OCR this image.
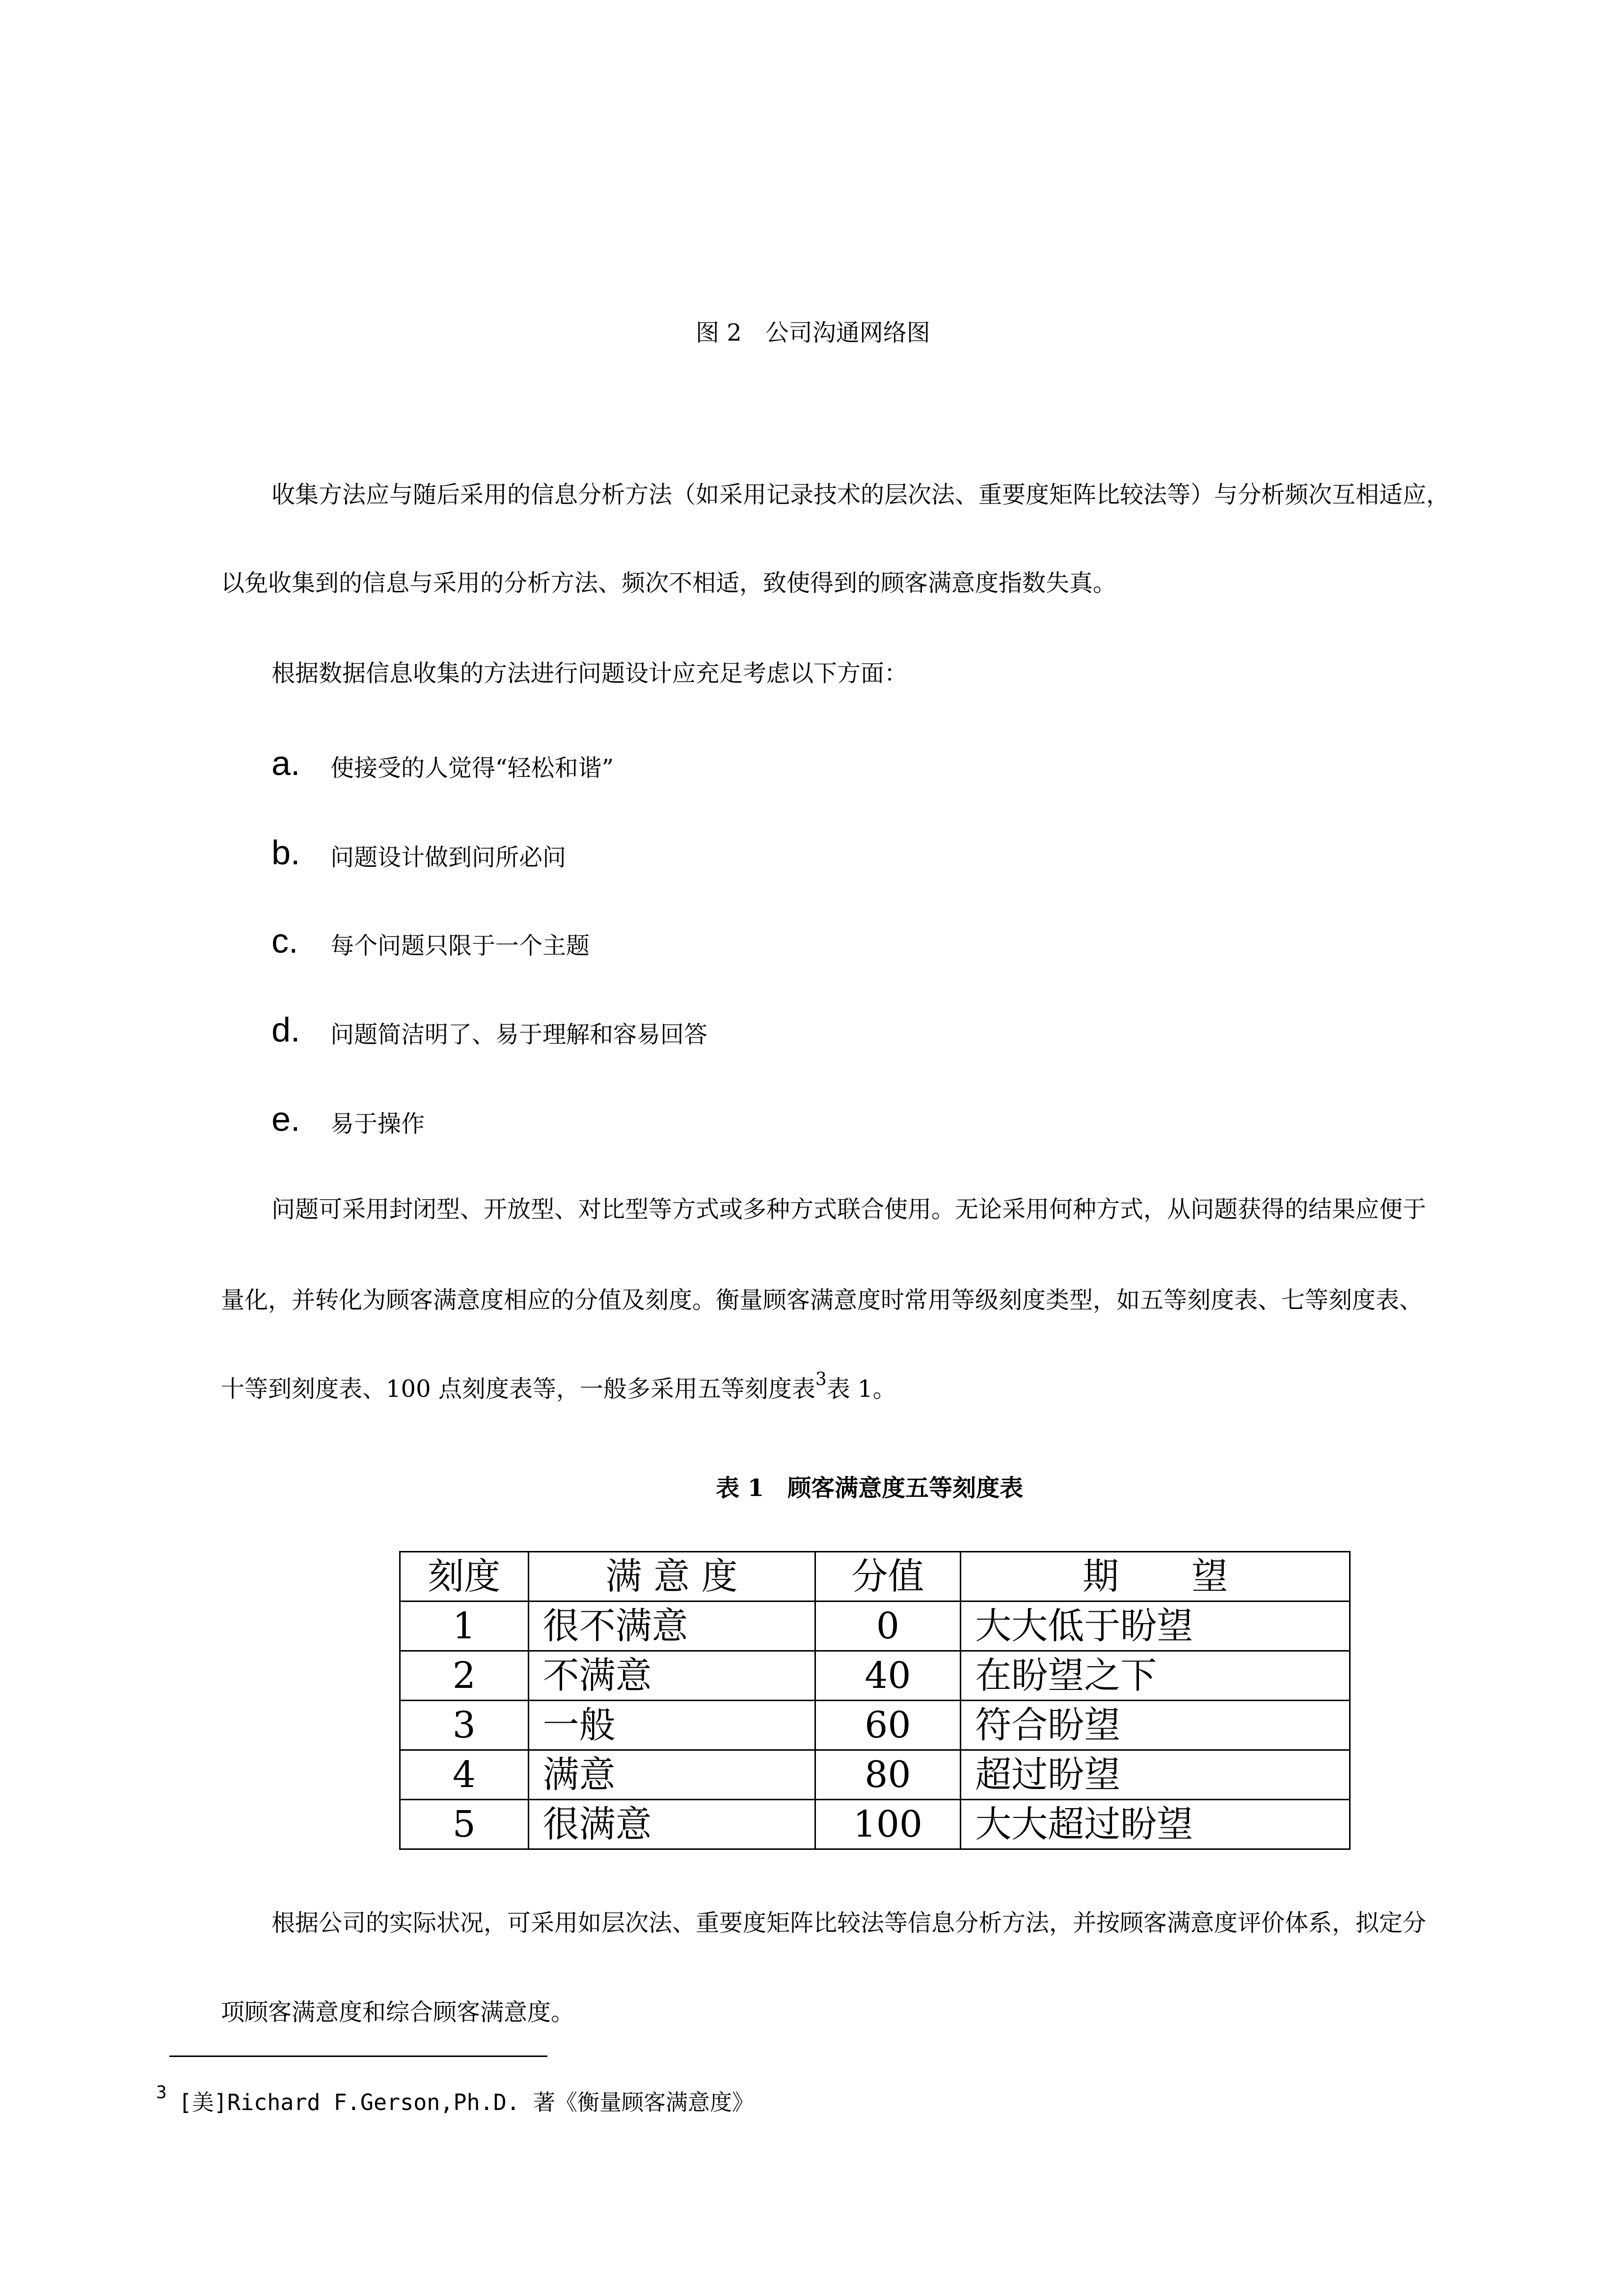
图 2　公司沟通网络图
收集方法应与随后采用的信息分析方法（如采用记录技术的层次法、重要度矩阵比较法等）与分析频次互相适应，
以免收集到的信息与采用的分析方法、频次不相适，致使得到的顾客满意度指数失真。
根据数据信息收集的方法进行问题设计应充足考虑以下方面：
a. 使接受的人觉得“轻松和谐”
b. 问题设计做到问所必问
c. 每个问题只限于一个主题
d. 问题简洁明了、易于理解和容易回答
e. 易于操作
问题可采用封闭型、开放型、对比型等方式或多种方式联合使用。无论采用何种方式，从问题获得的结果应便于
量化，并转化为顾客满意度相应的分值及刻度。衡量顾客满意度时常用等级刻度类型，如五等刻度表、七等刻度表、
十等到刻度表、100 点刻度表等，一般多采用五等刻度表$^3$表 1。
表 1　顾客满意度五等刻度表
刻度	满 意 度	分值	期　　望
1	很不满意	0	大大低于盼望
2	不满意	40	在盼望之下
3	一般	60	符合盼望
4	满意	80	超过盼望
5	很满意	100	大大超过盼望
根据公司的实际状况，可采用如层次法、重要度矩阵比较法等信息分析方法，并按顾客满意度评价体系，拟定分
项顾客满意度和综合顾客满意度。
$^3$ [美]Richard F.Gerson,Ph.D. 著《衡量顾客满意度》
